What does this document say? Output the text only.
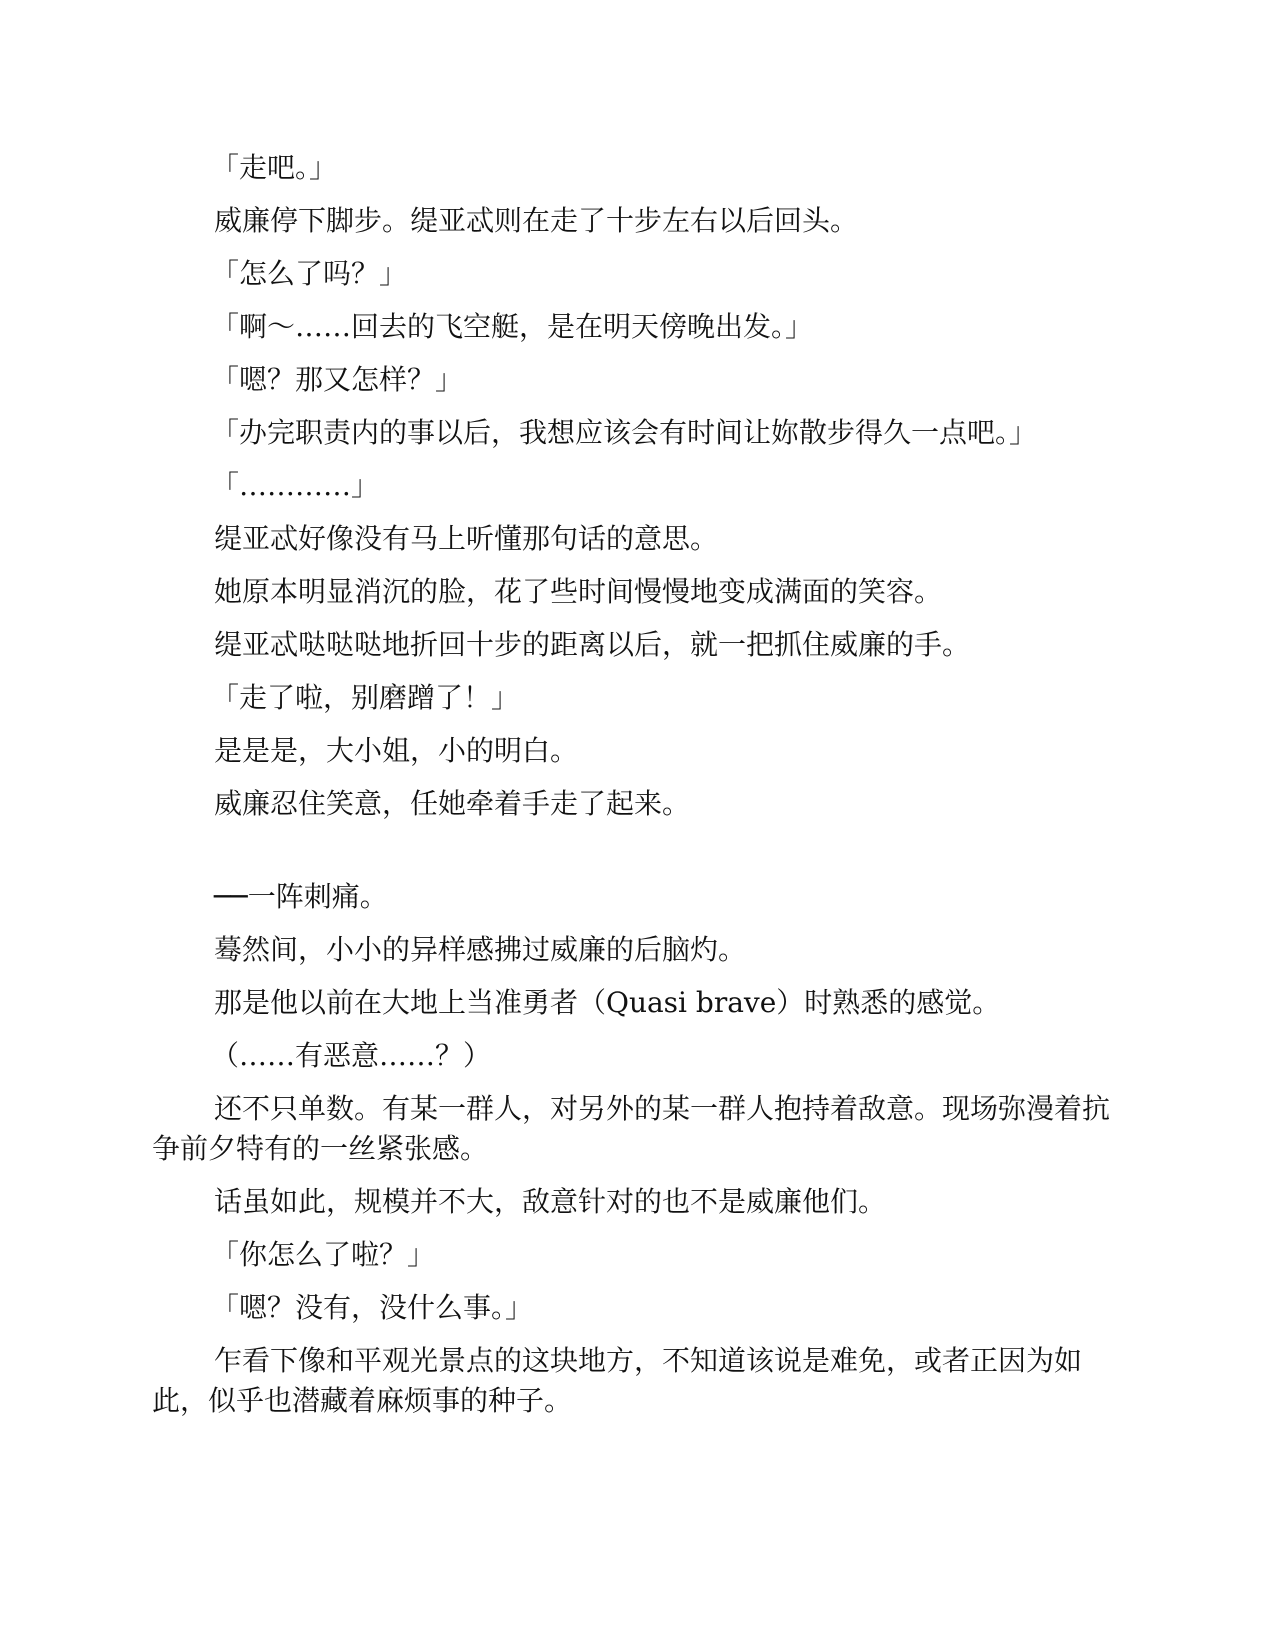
「走吧。」

威廉停下脚步。缇亚忒则在走了十步左右以后回头。

「怎么了吗？」

「啊～……回去的飞空艇，是在明天傍晚出发。」

「嗯？那又怎样？」

「办完职责内的事以后，我想应该会有时间让妳散步得久一点吧。」

「…………」

缇亚忒好像没有马上听懂那句话的意思。

她原本明显消沉的脸，花了些时间慢慢地变成满面的笑容。

缇亚忒哒哒哒地折回十步的距离以后，就一把抓住威廉的手。

「走了啦，别磨蹭了！」

是是是，大小姐，小的明白。

威廉忍住笑意，任她牵着手走了起来。

──一阵刺痛。

蓦然间，小小的异样感拂过威廉的后脑灼。

那是他以前在大地上当准勇者（Quasi brave）时熟悉的感觉。

（……有恶意……？）

还不只单数。有某一群人，对另外的某一群人抱持着敌意。现场弥漫着抗争前夕特有的一丝紧张感。

话虽如此，规模并不大，敌意针对的也不是威廉他们。

「你怎么了啦？」

「嗯？没有，没什么事。」

乍看下像和平观光景点的这块地方，不知道该说是难免，或者正因为如此，似乎也潜藏着麻烦事的种子。
